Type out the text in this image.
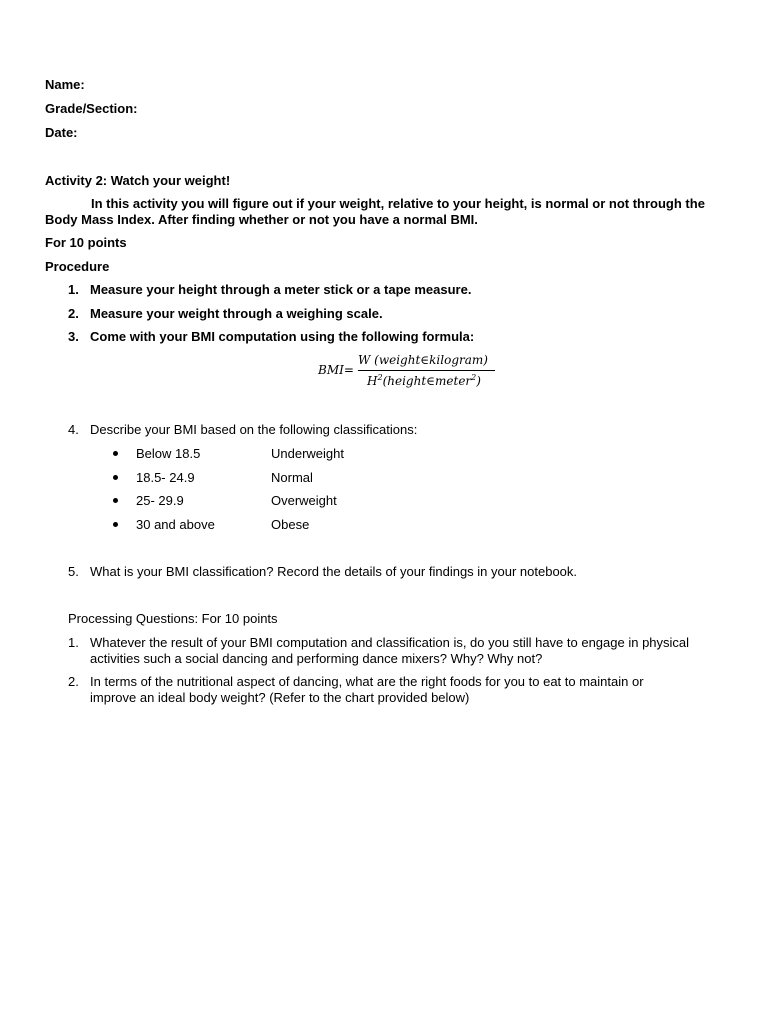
Name:
Grade/Section:
Date:
Activity 2: Watch your weight!
In this activity you will figure out if your weight, relative to your height, is normal or not through the Body Mass Index. After finding whether or not you have a normal BMI.
For 10 points
Procedure
1. Measure your height through a meter stick or a tape measure.
2. Measure your weight through a weighing scale.
3. Come with your BMI computation using the following formula:
BMI=
W (weight∈kilogram)
$H^2(height\in meter^2)$
4. Describe your BMI based on the following classifications:
Below 18.5	Underweight
18.5- 24.9	Normal
25- 29.9	Overweight
30 and above	Obese
5. What is your BMI classification? Record the details of your findings in your notebook.
Processing Questions: For 10 points
1. Whatever the result of your BMI computation and classification is, do you still have to engage in physical activities such a social dancing and performing dance mixers? Why? Why not?
2. In terms of the nutritional aspect of dancing, what are the right foods for you to eat to maintain or improve an ideal body weight? (Refer to the chart provided below)
